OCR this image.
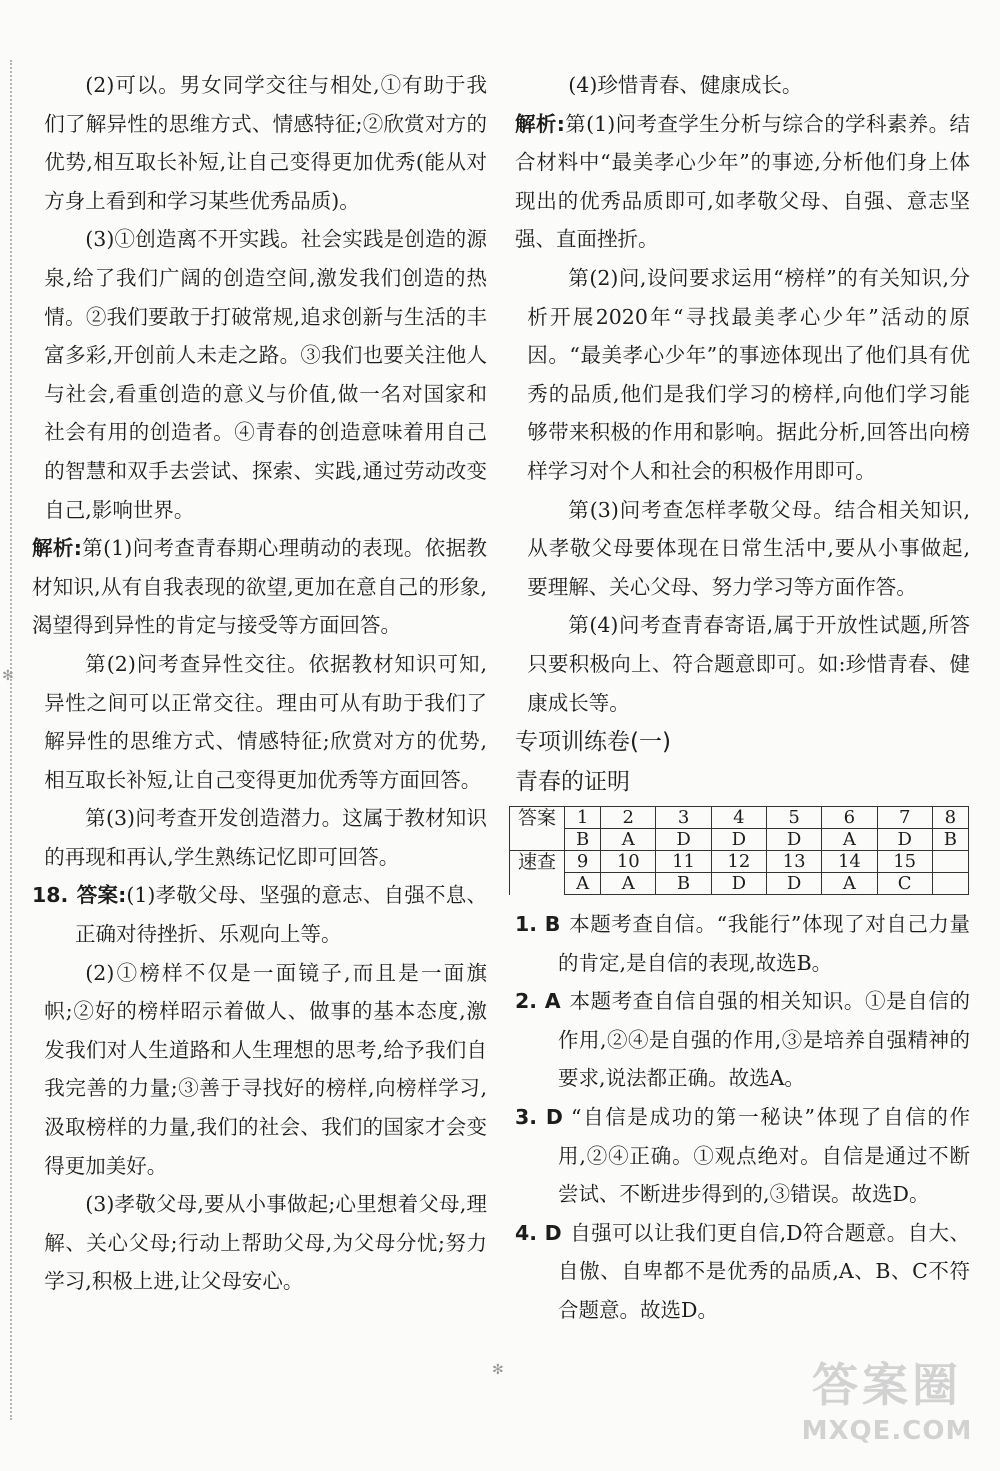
✻
✻

(2)可以。男女同学交往与相处,①有助于我们了解异性的思维方式、情感特征;②欣赏对方的优势,相互取长补短,让自己变得更加优秀(能从对方身上看到和学习某些优秀品质)。

(3)①创造离不开实践。社会实践是创造的源泉,给了我们广阔的创造空间,激发我们创造的热情。②我们要敢于打破常规,追求创新与生活的丰富多彩,开创前人未走之路。③我们也要关注他人与社会,看重创造的意义与价值,做一名对国家和社会有用的创造者。④青春的创造意味着用自己的智慧和双手去尝试、探索、实践,通过劳动改变自己,影响世界。

解析:第(1)问考查青春期心理萌动的表现。依据教材知识,从有自我表现的欲望,更加在意自己的形象,渴望得到异性的肯定与接受等方面回答。

第(2)问考查异性交往。依据教材知识可知,异性之间可以正常交往。理由可从有助于我们了解异性的思维方式、情感特征;欣赏对方的优势,相互取长补短,让自己变得更加优秀等方面回答。

第(3)问考查开发创造潜力。这属于教材知识的再现和再认,学生熟练记忆即可回答。

18. 答案:(1)孝敬父母、坚强的意志、自强不息、正确对待挫折、乐观向上等。

(2)①榜样不仅是一面镜子,而且是一面旗帜;②好的榜样昭示着做人、做事的基本态度,激发我们对人生道路和人生理想的思考,给予我们自我完善的力量;③善于寻找好的榜样,向榜样学习,汲取榜样的力量,我们的社会、我们的国家才会变得更加美好。

(3)孝敬父母,要从小事做起;心里想着父母,理解、关心父母;行动上帮助父母,为父母分忧;努力学习,积极上进,让父母安心。

(4)珍惜青春、健康成长。

解析:第(1)问考查学生分析与综合的学科素养。结合材料中“最美孝心少年”的事迹,分析他们身上体现出的优秀品质即可,如孝敬父母、自强、意志坚强、直面挫折。

第(2)问,设问要求运用“榜样”的有关知识,分析开展2020年“寻找最美孝心少年”活动的原因。“最美孝心少年”的事迹体现出了他们具有优秀的品质,他们是我们学习的榜样,向他们学习能够带来积极的作用和影响。据此分析,回答出向榜样学习对个人和社会的积极作用即可。

第(3)问考查怎样孝敬父母。结合相关知识,从孝敬父母要体现在日常生活中,要从小事做起,要理解、关心父母、努力学习等方面作答。

第(4)问考查青春寄语,属于开放性试题,所答只要积极向上、符合题意即可。如:珍惜青春、健康成长等。

专项训练卷(一)

青春的证明

答案	1	2	3	4	5	6	7	8
	B	A	D	D	D	A	D	B
速查	9	10	11	12	13	14	15	
	A	A	B	D	D	A	C	

1. B 本题考查自信。“我能行”体现了对自己力量的肯定,是自信的表现,故选B。

2. A 本题考查自信自强的相关知识。①是自信的作用,②④是自强的作用,③是培养自强精神的要求,说法都正确。故选A。

3. D “自信是成功的第一秘诀”体现了自信的作用,②④正确。①观点绝对。自信是通过不断尝试、不断进步得到的,③错误。故选D。

4. D 自强可以让我们更自信,D符合题意。自大、自傲、自卑都不是优秀的品质,A、B、C不符合题意。故选D。

答案圈
MXQE.COM
